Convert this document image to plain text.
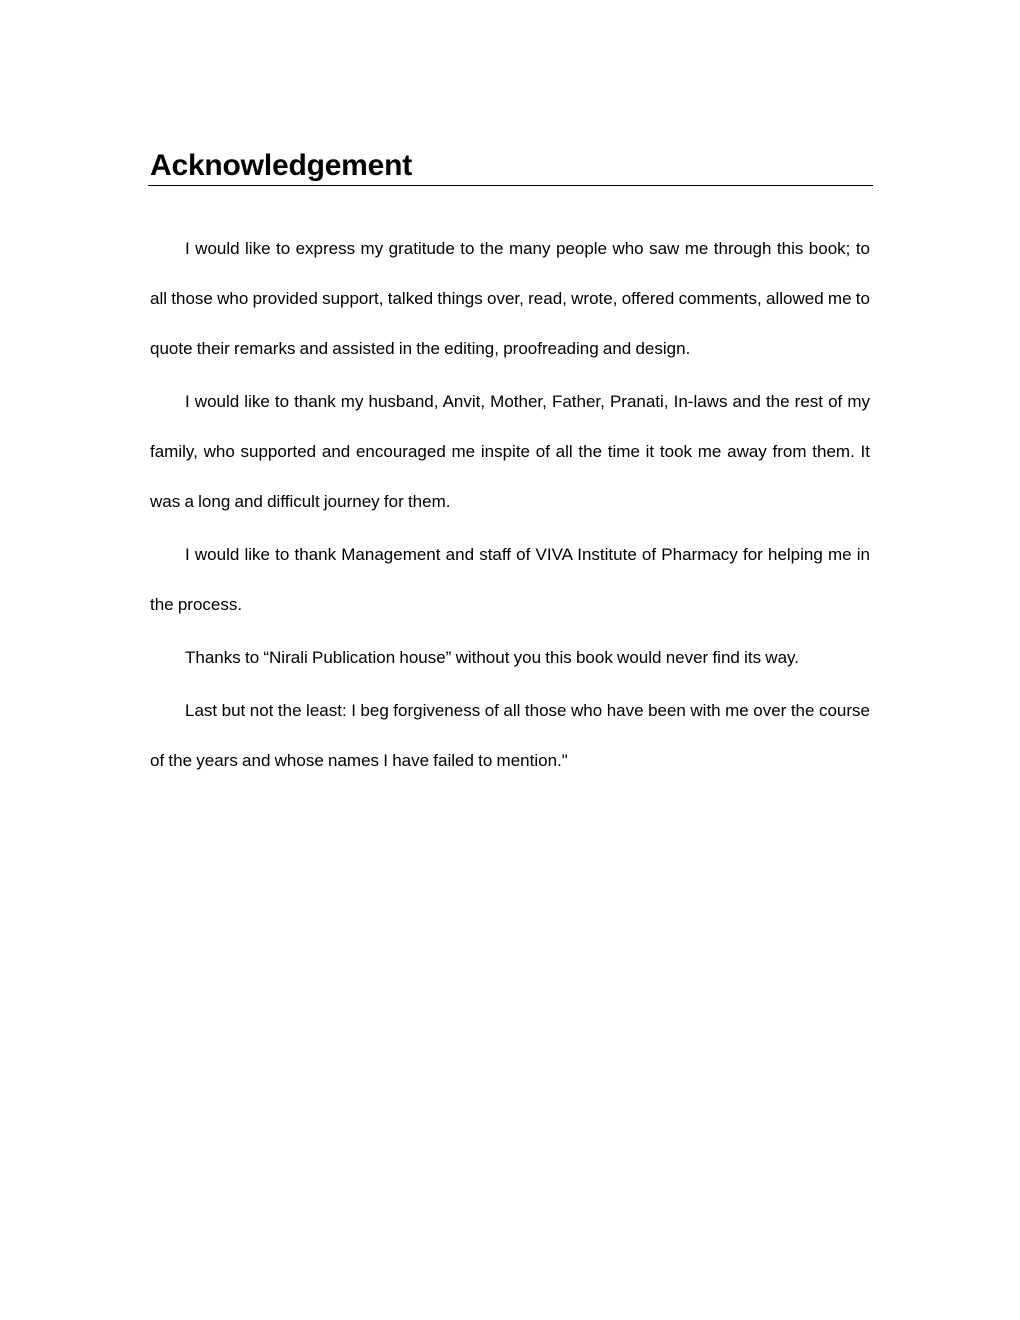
Acknowledgement

I would like to express my gratitude to the many people who saw me through this book; to all those who provided support, talked things over, read, wrote, offered comments, allowed me to quote their remarks and assisted in the editing, proofreading and design.

I would like to thank my husband, Anvit, Mother, Father, Pranati, In-laws and the rest of my family, who supported and encouraged me inspite of all the time it took me away from them. It was a long and difficult journey for them.

I would like to thank Management and staff of VIVA Institute of Pharmacy for helping me in the process.

Thanks to “Nirali Publication house” without you this book would never find its way.

Last but not the least: I beg forgiveness of all those who have been with me over the course of the years and whose names I have failed to mention."
